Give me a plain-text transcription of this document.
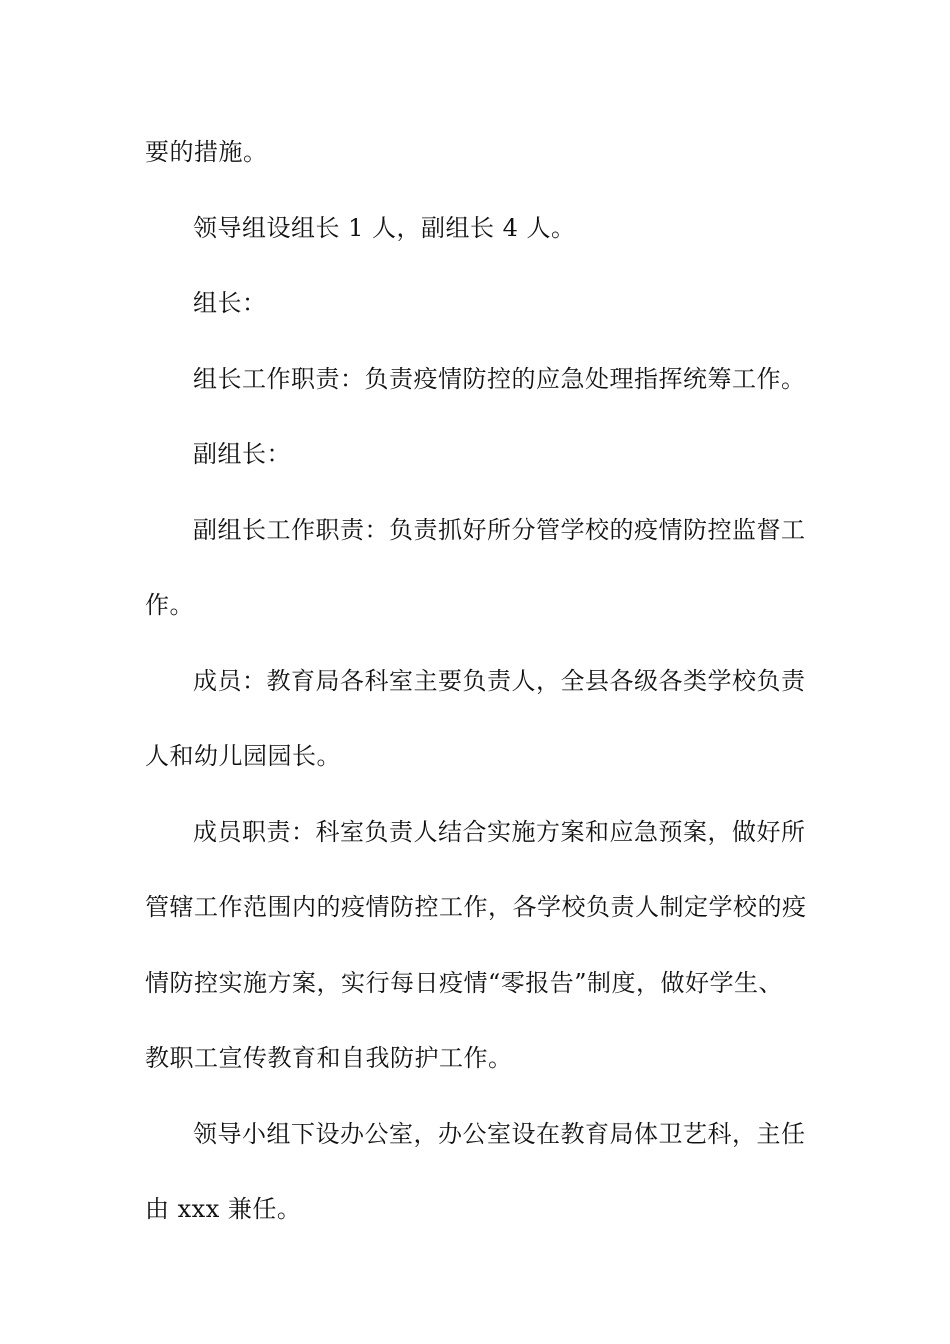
要的措施。
领导组设组长 1 人，副组长 4 人。
组长：
组长工作职责：负责疫情防控的应急处理指挥统筹工作。
副组长：
副组长工作职责：负责抓好所分管学校的疫情防控监督工
作。
成员：教育局各科室主要负责人，全县各级各类学校负责
人和幼儿园园长。
成员职责：科室负责人结合实施方案和应急预案，做好所
管辖工作范围内的疫情防控工作，各学校负责人制定学校的疫
情防控实施方案，实行每日疫情“零报告”制度，做好学生、
教职工宣传教育和自我防护工作。
领导小组下设办公室，办公室设在教育局体卫艺科，主任
由 xxx 兼任。
